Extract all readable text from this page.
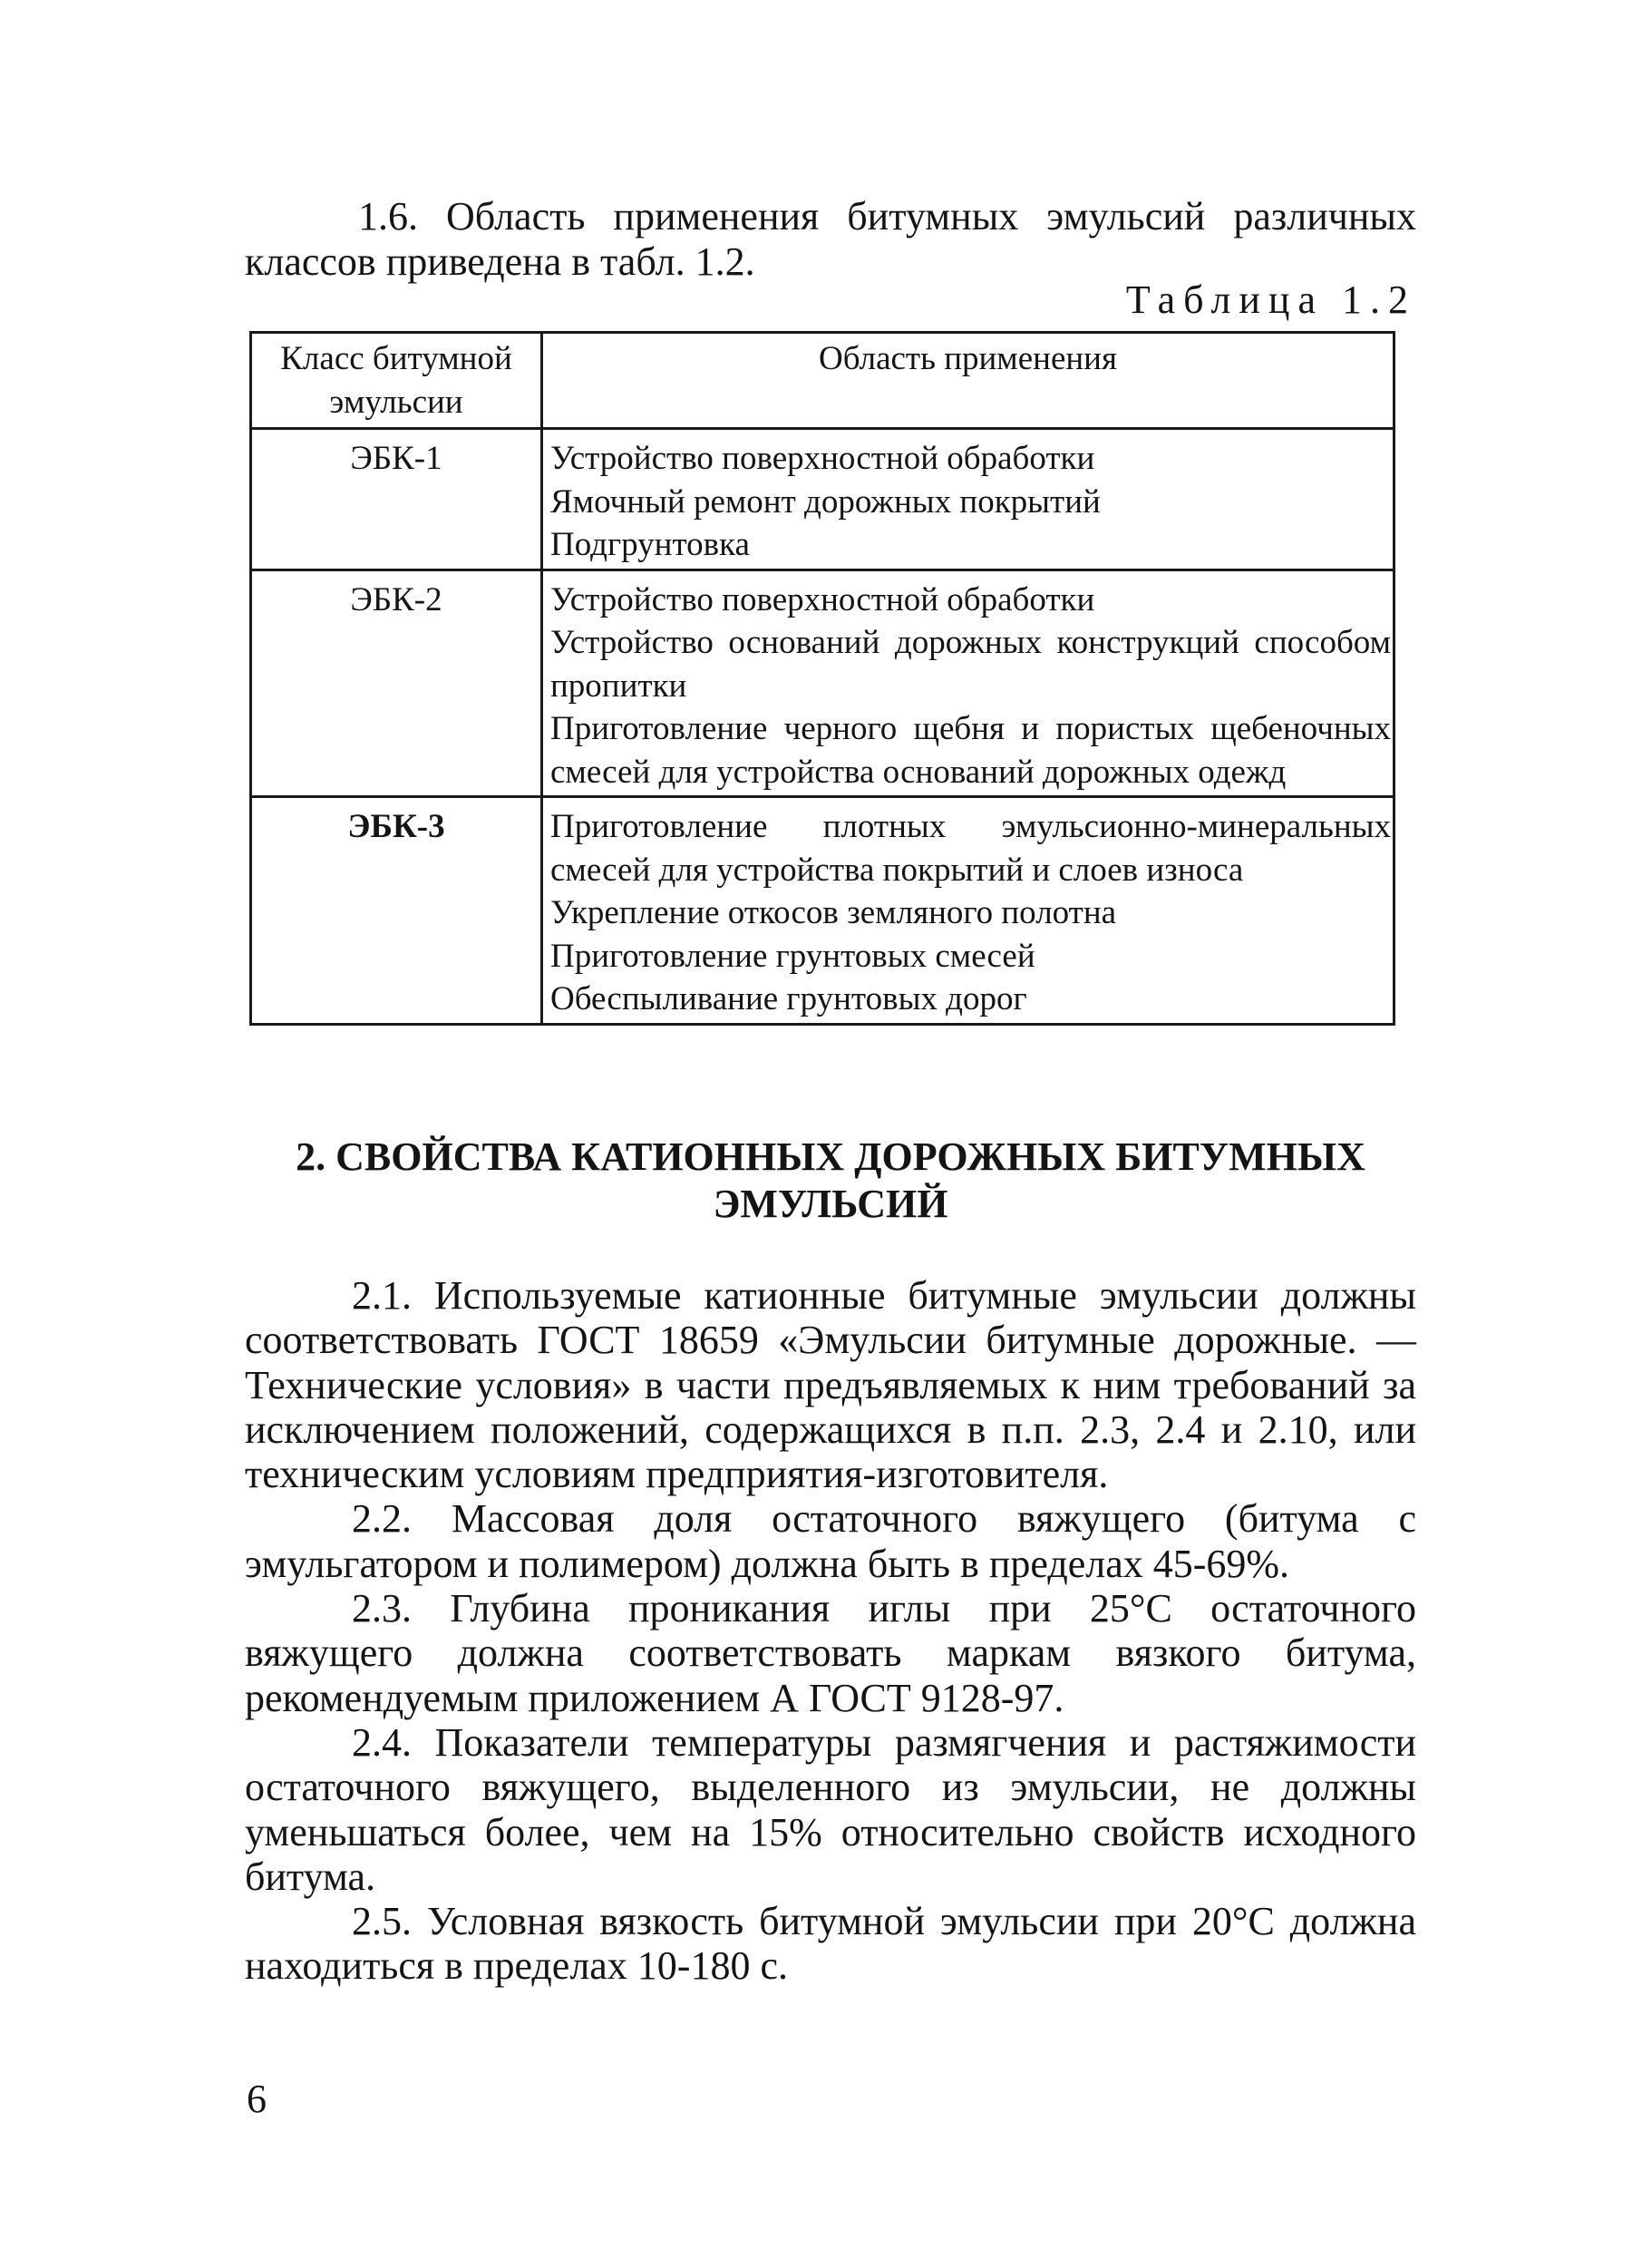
1.6. Область применения битумных эмульсий различных классов приведена в табл. 1.2.

Таблица 1.2

Класс битумной эмульсии	Область применения
ЭБК-1	Устройство поверхностной обработки
Ямочный ремонт дорожных покрытий
Подгрунтовка

ЭБК-2	Устройство поверхностной обработки
Устройство оснований дорожных конструкций способом пропитки
Приготовление черного щебня и пористых щебеночных смесей для устройства оснований дорожных одежд

ЭБК-3	Приготовление плотных эмульсионно-минеральных смесей для устройства покрытий и слоев износа
Укрепление откосов земляного полотна
Приготовление грунтовых смесей
Обеспыливание грунтовых дорог
2. СВОЙСТВА КАТИОННЫХ ДОРОЖНЫХ БИТУМНЫХ ЭМУЛЬСИЙ

2.1. Используемые катионные битумные эмульсии должны соответствовать ГОСТ 18659 «Эмульсии битумные дорожные. — Технические условия» в части предъявляемых к ним требований за исключением положений, содержащихся в п.п. 2.3, 2.4 и 2.10, или техническим условиям предприятия-изготовителя.

2.2. Массовая доля остаточного вяжущего (битума с эмульгатором и полимером) должна быть в пределах 45-69%.

2.3. Глубина проникания иглы при 25°С остаточного вяжущего должна соответствовать маркам вязкого битума, рекомендуемым приложением А ГОСТ 9128-97.

2.4. Показатели температуры размягчения и растяжимости остаточного вяжущего, выделенного из эмульсии, не должны уменьшаться более, чем на 15% относительно свойств исходного битума.

2.5. Условная вязкость битумной эмульсии при 20°С должна находиться в пределах 10-180 с.

6
